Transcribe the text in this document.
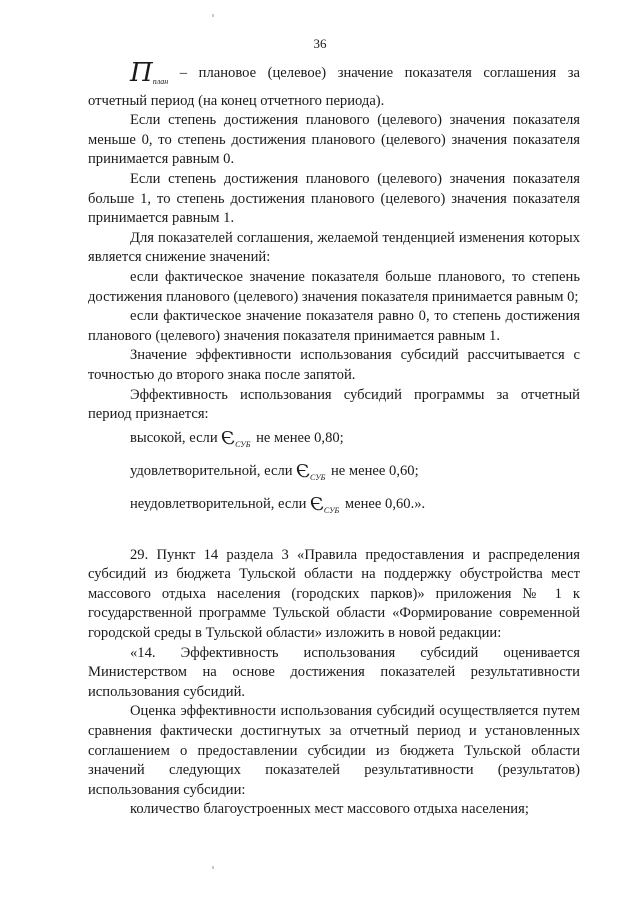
36

$П_{план}$ – плановое (целевое) значение показателя соглашения за отчетный период (на конец отчетного периода).

Если степень достижения планового (целевого) значения показателя меньше 0, то степень достижения планового (целевого) значения показателя принимается равным 0.

Если степень достижения планового (целевого) значения показателя больше 1, то степень достижения планового (целевого) значения показателя принимается равным 1.

Для показателей соглашения, желаемой тенденцией изменения которых является снижение значений:

если фактическое значение показателя больше планового, то степень достижения планового (целевого) значения показателя принимается равным 0;

если фактическое значение показателя равно 0, то степень достижения планового (целевого) значения показателя принимается равным 1.

Значение эффективности использования субсидий рассчитывается с точностью до второго знака после запятой.

Эффективность использования субсидий программы за отчетный период признается:

высокой, если $Э_{СУБ}$ не менее 0,80;
удовлетворительной, если $Э_{СУБ}$ не менее 0,60;
неудовлетворительной, если $Э_{СУБ}$ менее 0,60.».

29. Пункт 14 раздела 3 «Правила предоставления и распределения субсидий из бюджета Тульской области на поддержку обустройства мест массового отдыха населения (городских парков)» приложения № 1 к государственной программе Тульской области «Формирование современной городской среды в Тульской области» изложить в новой редакции:

«14. Эффективность использования субсидий оценивается Министерством на основе достижения показателей результативности использования субсидий.

Оценка эффективности использования субсидий осуществляется путем сравнения фактически достигнутых за отчетный период и установленных соглашением о предоставлении субсидии из бюджета Тульской области значений следующих показателей результативности (результатов) использования субсидии:

количество благоустроенных мест массового отдыха населения;
